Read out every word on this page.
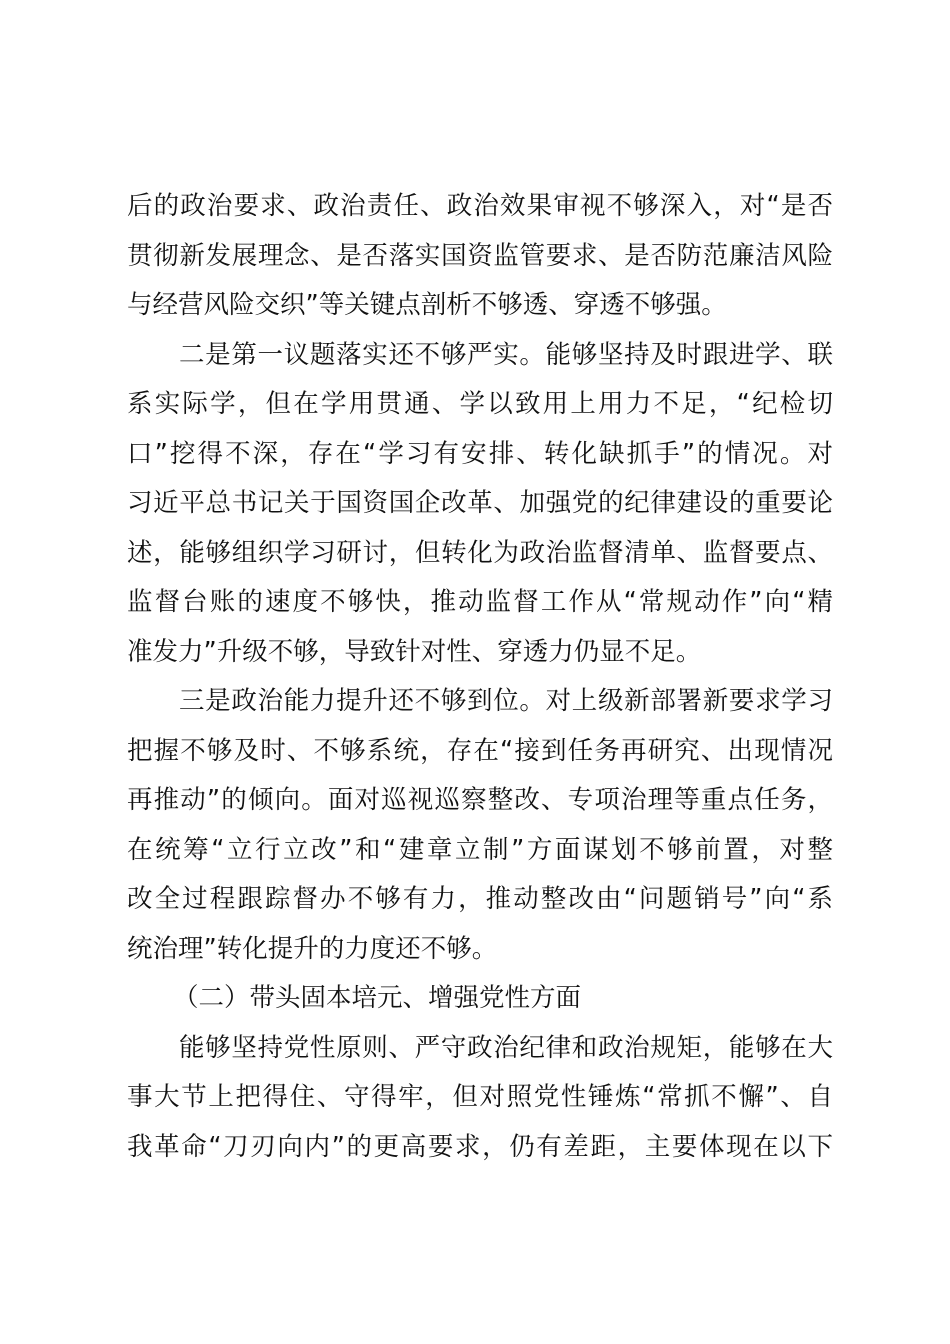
后的政治要求、政治责任、政治效果审视不够深入，对“是否
贯彻新发展理念、是否落实国资监管要求、是否防范廉洁风险
与经营风险交织”等关键点剖析不够透、穿透不够强。
二是第一议题落实还不够严实。能够坚持及时跟进学、联
系实际学，但在学用贯通、学以致用上用力不足，“纪检切
口”挖得不深，存在“学习有安排、转化缺抓手”的情况。对
习近平总书记关于国资国企改革、加强党的纪律建设的重要论
述，能够组织学习研讨，但转化为政治监督清单、监督要点、
监督台账的速度不够快，推动监督工作从“常规动作”向“精
准发力”升级不够，导致针对性、穿透力仍显不足。
三是政治能力提升还不够到位。对上级新部署新要求学习
把握不够及时、不够系统，存在“接到任务再研究、出现情况
再推动”的倾向。面对巡视巡察整改、专项治理等重点任务，
在统筹“立行立改”和“建章立制”方面谋划不够前置，对整
改全过程跟踪督办不够有力，推动整改由“问题销号”向“系
统治理”转化提升的力度还不够。
（二）带头固本培元、增强党性方面
能够坚持党性原则、严守政治纪律和政治规矩，能够在大
事大节上把得住、守得牢，但对照党性锤炼“常抓不懈”、自
我革命“刀刃向内”的更高要求，仍有差距，主要体现在以下
